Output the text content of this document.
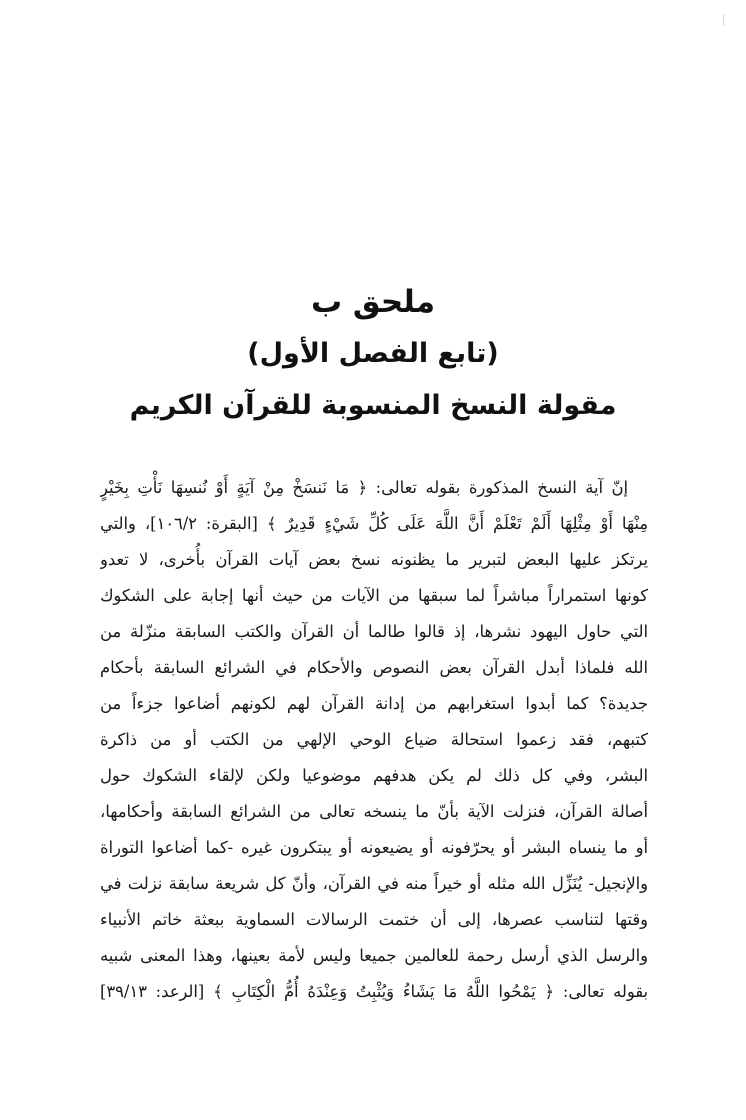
ملحق ب
(تابع الفصل الأول)
مقولة النسخ المنسوبة للقرآن الكريم
إنّ آية النسخ المذكورة بقوله تعالى: ﴿ مَا نَنسَخْ مِنْ آيَةٍ أَوْ نُنسِهَا نَأْتِ بِخَيْرٍ
مِنْهَا أَوْ مِثْلِهَا أَلَمْ تَعْلَمْ أَنَّ اللَّهَ عَلَى كُلِّ شَيْءٍ قَدِيرٌ ﴾ [البقرة: ١٠٦/٢]، والتي
يرتكز عليها البعض لتبرير ما يظنونه نسخ بعض آيات القرآن بأُخرى، لا تعدو
كونها استمراراً مباشراً لما سبقها من الآيات من حيث أنها إجابة على الشكوك
التي حاول اليهود نشرها، إذ قالوا طالما أن القرآن والكتب السابقة منزّلة من
الله فلماذا أبدل القرآن بعض النصوص والأحكام في الشرائع السابقة بأحكام
جديدة؟ كما أبدوا استغرابهم من إدانة القرآن لهم لكونهم أضاعوا جزءاً من
كتبهم، فقد زعموا استحالة ضياع الوحي الإلهي من الكتب أو من ذاكرة
البشر، وفي كل ذلك لم يكن هدفهم موضوعيا ولكن لإلقاء الشكوك حول
أصالة القرآن، فنزلت الآية بأنّ ما ينسخه تعالى من الشرائع السابقة وأحكامها،
أو ما ينساه البشر أو يحرّفونه أو يضيعونه أو يبتكرون غيره -كما أضاعوا التوراة
والإنجيل- يُنَزِّل الله مثله أو خيراً منه في القرآن، وأنّ كل شريعة سابقة نزلت في
وقتها لتناسب عصرها، إلى أن ختمت الرسالات السماوية ببعثة خاتم الأنبياء
والرسل الذي أرسل رحمة للعالمين جميعا وليس لأمة بعينها، وهذا المعنى شبيه
بقوله تعالى: ﴿ يَمْحُوا اللَّهُ مَا يَشَاءُ وَيُثْبِتُ وَعِنْدَهُ أُمُّ الْكِتَابِ ﴾ [الرعد: ٣٩/١٣]
